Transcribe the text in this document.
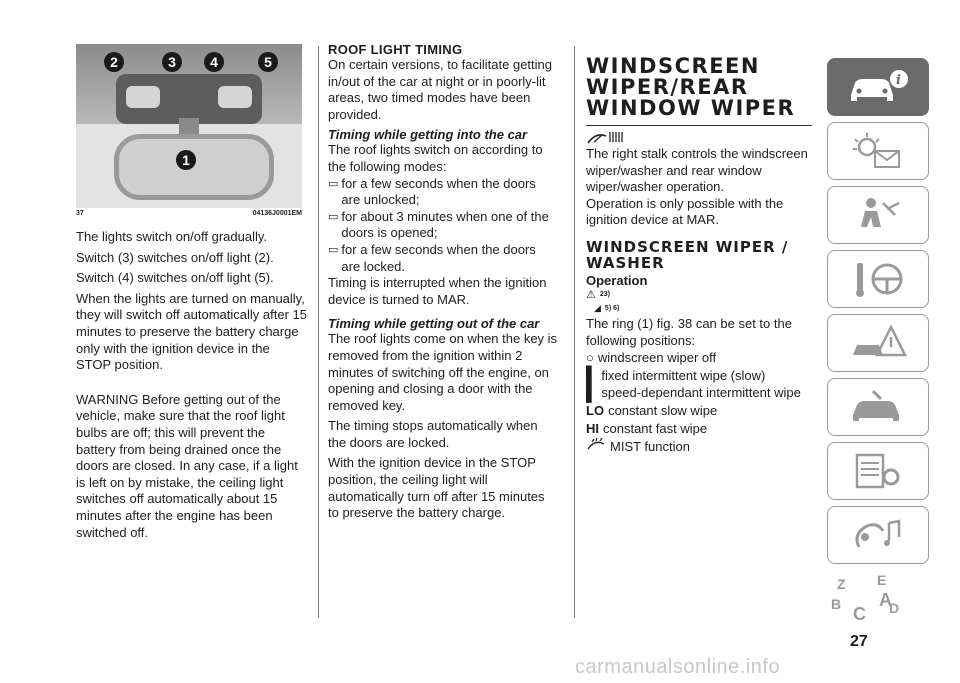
2	3	4	5
1
37	04136J0001EM

The lights switch on/off gradually.

Switch (3) switches on/off light (2).

Switch (4) switches on/off light (5).

When the lights are turned on manually, they will switch off automatically after 15 minutes to preserve the battery charge only with the ignition device in the STOP position.

WARNING Before getting out of the vehicle, make sure that the roof light bulbs are off; this will prevent the battery from being drained once the doors are closed. In any case, if a light is left on by mistake, the ceiling light switches off automatically about 15 minutes after the engine has been switched off.

ROOF LIGHT TIMING

On certain versions, to facilitate getting in/out of the car at night or in poorly-lit areas, two timed modes have been provided.

Timing while getting into the car

The roof lights switch on according to the following modes:

▭ for a few seconds when the doors are unlocked;

▭ for about 3 minutes when one of the doors is opened;

▭ for a few seconds when the doors are locked.

Timing is interrupted when the ignition device is turned to MAR.

Timing while getting out of the car

The roof lights come on when the key is removed from the ignition within 2 minutes of switching off the engine, on opening and closing a door with the removed key.

The timing stops automatically when the doors are locked.

With the ignition device in the STOP position, the ceiling light will automatically turn off after 15 minutes to preserve the battery charge.

WINDSCREEN
WIPER/REAR
WINDOW WIPER

The right stalk controls the windscreen wiper/washer and rear window wiper/washer operation.

Operation is only possible with the ignition device at MAR.

WINDSCREEN WIPER /
WASHER
Operation
⚠ 23)
◢ 5) 6)

The ring (1) fig. 38 can be set to the following positions:

○ windscreen wiper off

▌ fixed intermittent wipe (slow)

▌ speed-dependant intermittent wipe

LO constant slow wipe

HI constant fast wipe

MIST function

i
Z E
B A
C D
27
carmanualsonline.info
